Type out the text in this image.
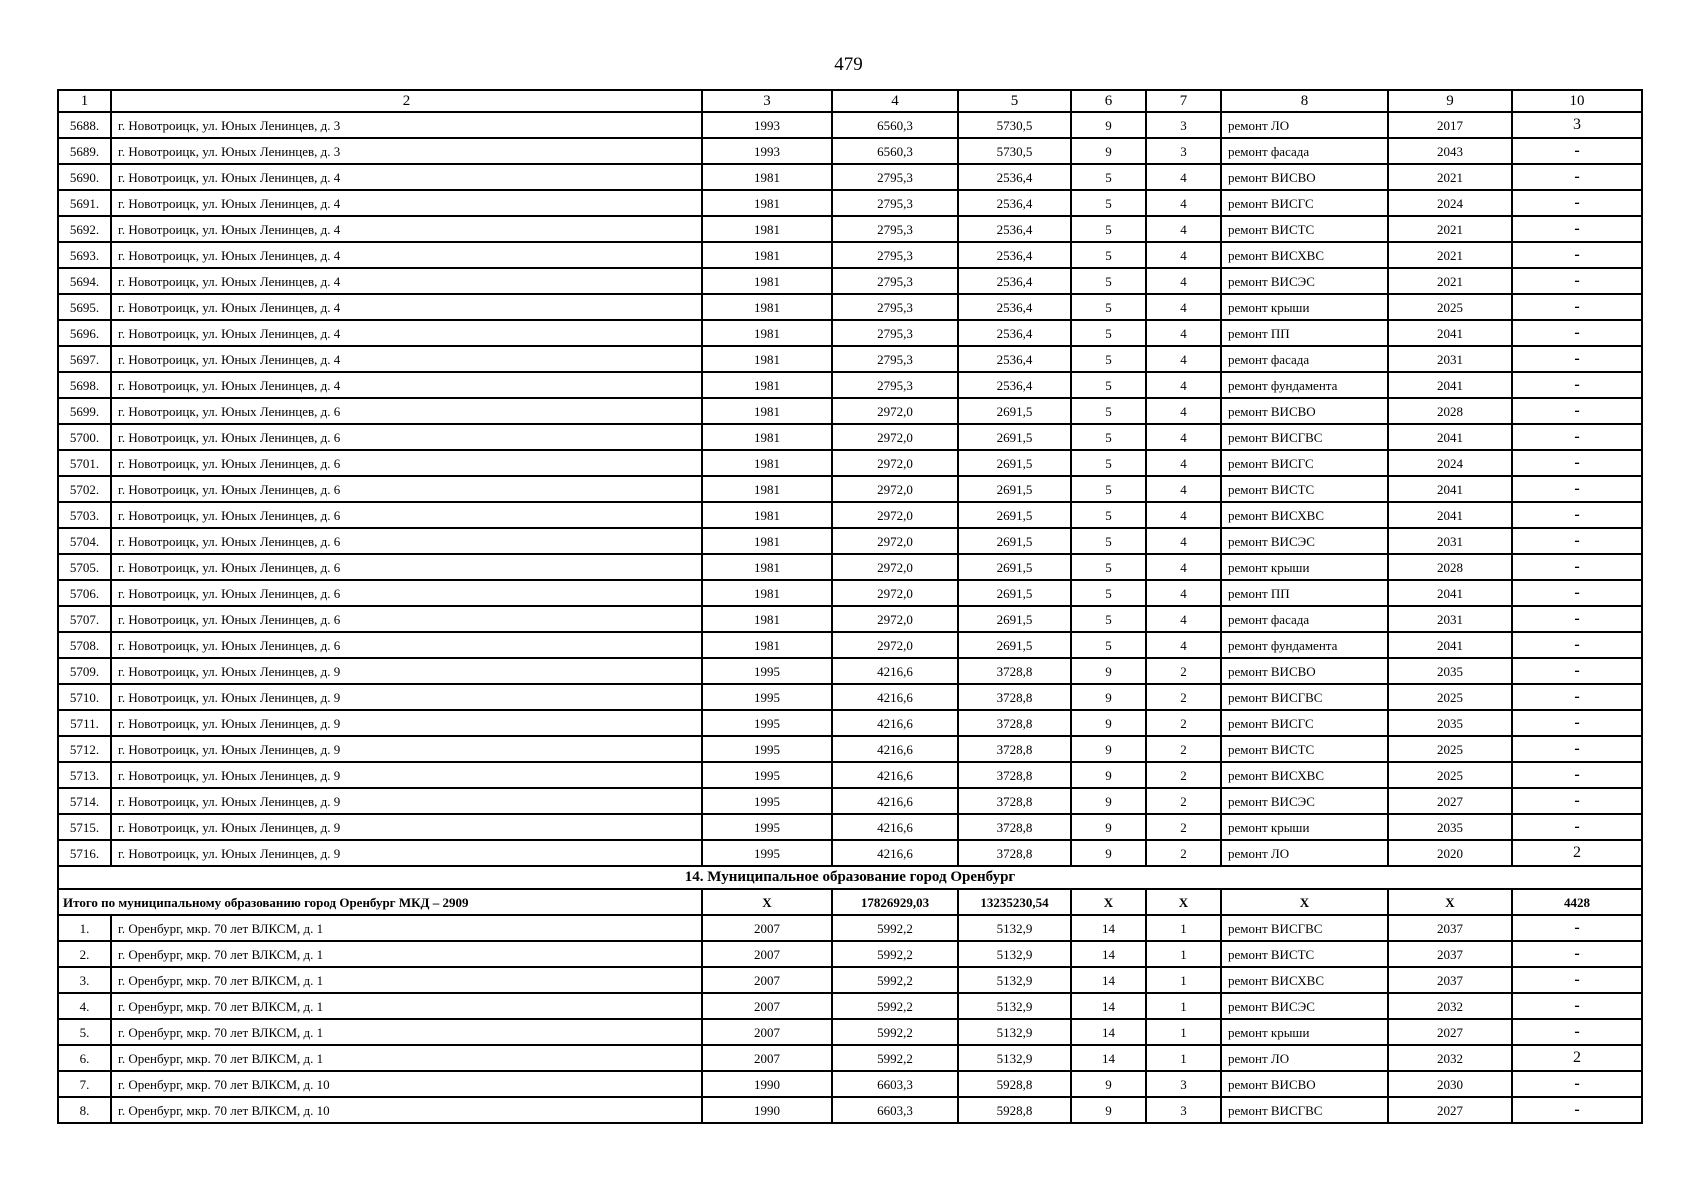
479
1	2	3	4	5	6	7	8	9	10
5688.	г. Новотроицк, ул. Юных Ленинцев, д. 3	1993	6560,3	5730,5	9	3	ремонт ЛО	2017	3
5689.	г. Новотроицк, ул. Юных Ленинцев, д. 3	1993	6560,3	5730,5	9	3	ремонт фасада	2043	-
5690.	г. Новотроицк, ул. Юных Ленинцев, д. 4	1981	2795,3	2536,4	5	4	ремонт ВИСВО	2021	-
5691.	г. Новотроицк, ул. Юных Ленинцев, д. 4	1981	2795,3	2536,4	5	4	ремонт ВИСГС	2024	-
5692.	г. Новотроицк, ул. Юных Ленинцев, д. 4	1981	2795,3	2536,4	5	4	ремонт ВИСТС	2021	-
5693.	г. Новотроицк, ул. Юных Ленинцев, д. 4	1981	2795,3	2536,4	5	4	ремонт ВИСХВС	2021	-
5694.	г. Новотроицк, ул. Юных Ленинцев, д. 4	1981	2795,3	2536,4	5	4	ремонт ВИСЭС	2021	-
5695.	г. Новотроицк, ул. Юных Ленинцев, д. 4	1981	2795,3	2536,4	5	4	ремонт крыши	2025	-
5696.	г. Новотроицк, ул. Юных Ленинцев, д. 4	1981	2795,3	2536,4	5	4	ремонт ПП	2041	-
5697.	г. Новотроицк, ул. Юных Ленинцев, д. 4	1981	2795,3	2536,4	5	4	ремонт фасада	2031	-
5698.	г. Новотроицк, ул. Юных Ленинцев, д. 4	1981	2795,3	2536,4	5	4	ремонт фундамента	2041	-
5699.	г. Новотроицк, ул. Юных Ленинцев, д. 6	1981	2972,0	2691,5	5	4	ремонт ВИСВО	2028	-
5700.	г. Новотроицк, ул. Юных Ленинцев, д. 6	1981	2972,0	2691,5	5	4	ремонт ВИСГВС	2041	-
5701.	г. Новотроицк, ул. Юных Ленинцев, д. 6	1981	2972,0	2691,5	5	4	ремонт ВИСГС	2024	-
5702.	г. Новотроицк, ул. Юных Ленинцев, д. 6	1981	2972,0	2691,5	5	4	ремонт ВИСТС	2041	-
5703.	г. Новотроицк, ул. Юных Ленинцев, д. 6	1981	2972,0	2691,5	5	4	ремонт ВИСХВС	2041	-
5704.	г. Новотроицк, ул. Юных Ленинцев, д. 6	1981	2972,0	2691,5	5	4	ремонт ВИСЭС	2031	-
5705.	г. Новотроицк, ул. Юных Ленинцев, д. 6	1981	2972,0	2691,5	5	4	ремонт крыши	2028	-
5706.	г. Новотроицк, ул. Юных Ленинцев, д. 6	1981	2972,0	2691,5	5	4	ремонт ПП	2041	-
5707.	г. Новотроицк, ул. Юных Ленинцев, д. 6	1981	2972,0	2691,5	5	4	ремонт фасада	2031	-
5708.	г. Новотроицк, ул. Юных Ленинцев, д. 6	1981	2972,0	2691,5	5	4	ремонт фундамента	2041	-
5709.	г. Новотроицк, ул. Юных Ленинцев, д. 9	1995	4216,6	3728,8	9	2	ремонт ВИСВО	2035	-
5710.	г. Новотроицк, ул. Юных Ленинцев, д. 9	1995	4216,6	3728,8	9	2	ремонт ВИСГВС	2025	-
5711.	г. Новотроицк, ул. Юных Ленинцев, д. 9	1995	4216,6	3728,8	9	2	ремонт ВИСГС	2035	-
5712.	г. Новотроицк, ул. Юных Ленинцев, д. 9	1995	4216,6	3728,8	9	2	ремонт ВИСТС	2025	-
5713.	г. Новотроицк, ул. Юных Ленинцев, д. 9	1995	4216,6	3728,8	9	2	ремонт ВИСХВС	2025	-
5714.	г. Новотроицк, ул. Юных Ленинцев, д. 9	1995	4216,6	3728,8	9	2	ремонт ВИСЭС	2027	-
5715.	г. Новотроицк, ул. Юных Ленинцев, д. 9	1995	4216,6	3728,8	9	2	ремонт крыши	2035	-
5716.	г. Новотроицк, ул. Юных Ленинцев, д. 9	1995	4216,6	3728,8	9	2	ремонт ЛО	2020	2
14. Муниципальное образование город Оренбург									
Итого по муниципальному образованию город Оренбург МКД – 2909		Х	17826929,03	13235230,54	Х	Х	Х	Х	4428
1.	г. Оренбург, мкр. 70 лет ВЛКСМ, д. 1	2007	5992,2	5132,9	14	1	ремонт ВИСГВС	2037	-
2.	г. Оренбург, мкр. 70 лет ВЛКСМ, д. 1	2007	5992,2	5132,9	14	1	ремонт ВИСТС	2037	-
3.	г. Оренбург, мкр. 70 лет ВЛКСМ, д. 1	2007	5992,2	5132,9	14	1	ремонт ВИСХВС	2037	-
4.	г. Оренбург, мкр. 70 лет ВЛКСМ, д. 1	2007	5992,2	5132,9	14	1	ремонт ВИСЭС	2032	-
5.	г. Оренбург, мкр. 70 лет ВЛКСМ, д. 1	2007	5992,2	5132,9	14	1	ремонт крыши	2027	-
6.	г. Оренбург, мкр. 70 лет ВЛКСМ, д. 1	2007	5992,2	5132,9	14	1	ремонт ЛО	2032	2
7.	г. Оренбург, мкр. 70 лет ВЛКСМ, д. 10	1990	6603,3	5928,8	9	3	ремонт ВИСВО	2030	-
8.	г. Оренбург, мкр. 70 лет ВЛКСМ, д. 10	1990	6603,3	5928,8	9	3	ремонт ВИСГВС	2027	-
